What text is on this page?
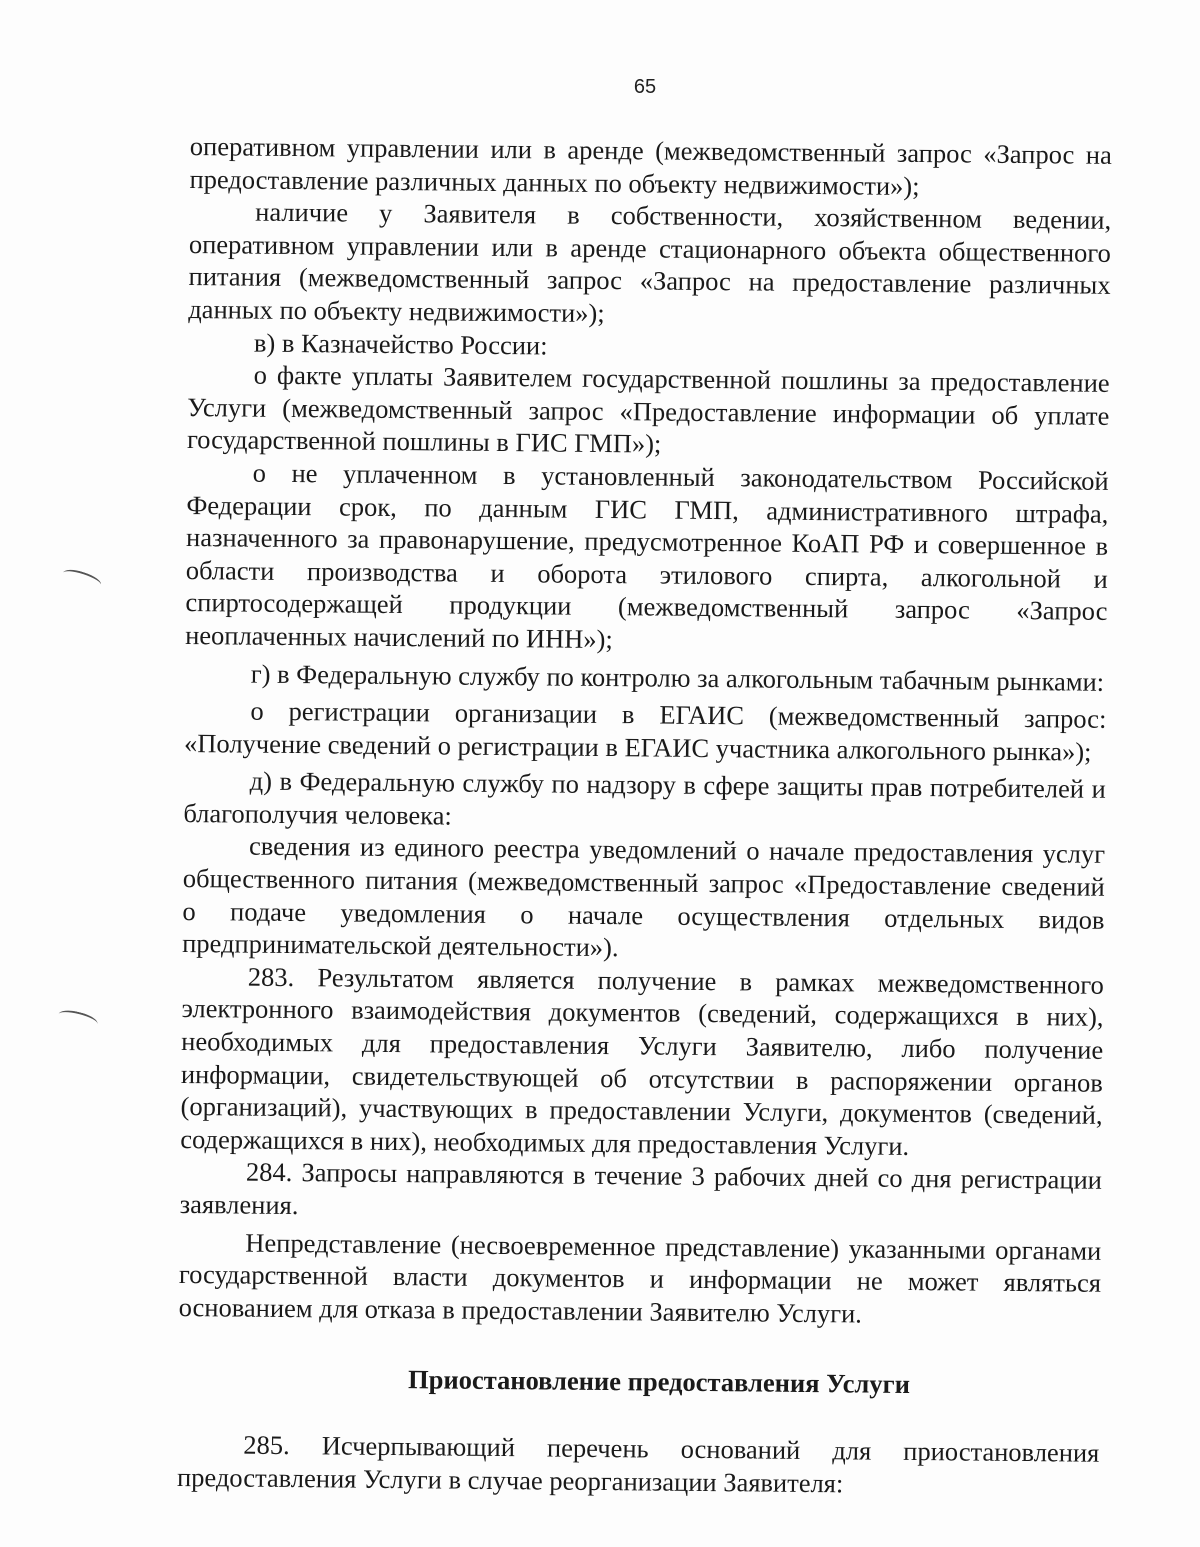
65

оперативном управлении или в аренде (межведомственный запрос «Запрос на предоставление различных данных по объекту недвижимости»);

наличие у Заявителя в собственности, хозяйственном ведении, оперативном управлении или в аренде стационарного объекта общественного питания (межведомственный запрос «Запрос на предоставление различных данных по объекту недвижимости»);

в) в Казначейство России:

о факте уплаты Заявителем государственной пошлины за предоставление Услуги (межведомственный запрос «Предоставление информации об уплате государственной пошлины в ГИС ГМП»);

о не уплаченном в установленный законодательством Российской Федерации срок, по данным ГИС ГМП, административного штрафа, назначенного за правонарушение, предусмотренное КоАП РФ и совершенное в области производства и оборота этилового спирта, алкогольной и спиртосодержащей продукции (межведомственный запрос «Запрос неоплаченных начислений по ИНН»);

г) в Федеральную службу по контролю за алкогольным табачным рынками:

о регистрации организации в ЕГАИС (межведомственный запрос: «Получение сведений о регистрации в ЕГАИС участника алкогольного рынка»);

д) в Федеральную службу по надзору в сфере защиты прав потребителей и благополучия человека:

сведения из единого реестра уведомлений о начале предоставления услуг общественного питания (межведомственный запрос «Предоставление сведений о подаче уведомления о начале осуществления отдельных видов предпринимательской деятельности»).

283. Результатом является получение в рамках межведомственного электронного взаимодействия документов (сведений, содержащихся в них), необходимых для предоставления Услуги Заявителю, либо получение информации, свидетельствующей об отсутствии в распоряжении органов (организаций), участвующих в предоставлении Услуги, документов (сведений, содержащихся в них), необходимых для предоставления Услуги.

284. Запросы направляются в течение 3 рабочих дней со дня регистрации заявления.

Непредставление (несвоевременное представление) указанными органами государственной власти документов и информации не может являться основанием для отказа в предоставлении Заявителю Услуги.

Приостановление предоставления Услуги

285. Исчерпывающий перечень оснований для приостановления предоставления Услуги в случае реорганизации Заявителя:
